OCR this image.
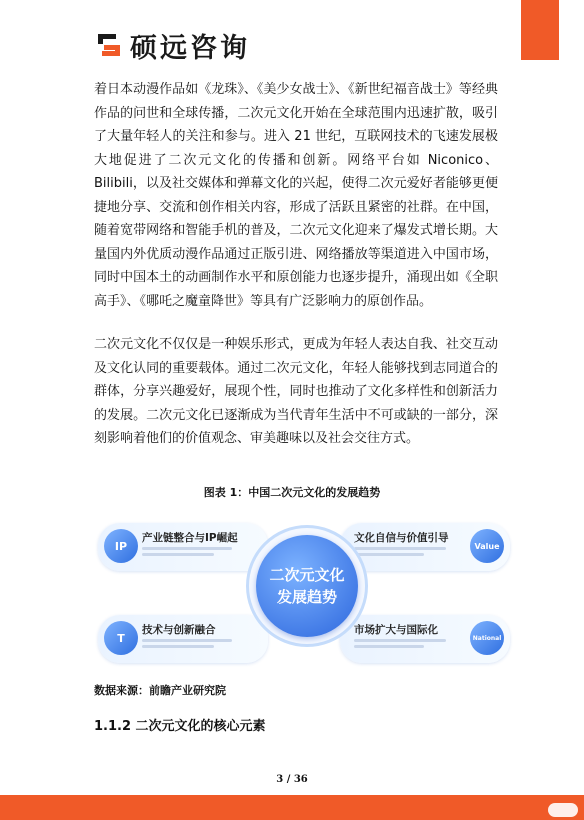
硕远咨询

着日本动漫作品如《龙珠》、《美少女战士》、《新世纪福音战士》等经典作品的问世和全球传播，二次元文化开始在全球范围内迅速扩散，吸引了大量年轻人的关注和参与。进入 21 世纪，互联网技术的飞速发展极大地促进了二次元文化的传播和创新。网络平台如 Niconico、Bilibili，以及社交媒体和弹幕文化的兴起，使得二次元爱好者能够更便捷地分享、交流和创作相关内容，形成了活跃且紧密的社群。在中国，随着宽带网络和智能手机的普及，二次元文化迎来了爆发式增长期。大量国内外优质动漫作品通过正版引进、网络播放等渠道进入中国市场，同时中国本土的动画制作水平和原创能力也逐步提升，涌现出如《全职高手》、《哪吒之魔童降世》等具有广泛影响力的原创作品。

二次元文化不仅仅是一种娱乐形式，更成为年轻人表达自我、社交互动及文化认同的重要载体。通过二次元文化，年轻人能够找到志同道合的群体，分享兴趣爱好，展现个性，同时也推动了文化多样性和创新活力的发展。二次元文化已逐渐成为当代青年生活中不可或缺的一部分，深刻影响着他们的价值观念、审美趣味以及社会交往方式。

图表 1：中国二次元文化的发展趋势
IP
产业链整合与IP崛起
T
技术与创新融合
Value
文化自信与价值引导
National
市场扩大与国际化
二次元文化
发展趋势
数据来源：前瞻产业研究院
1.1.2 二次元文化的核心元素
3 / 36
